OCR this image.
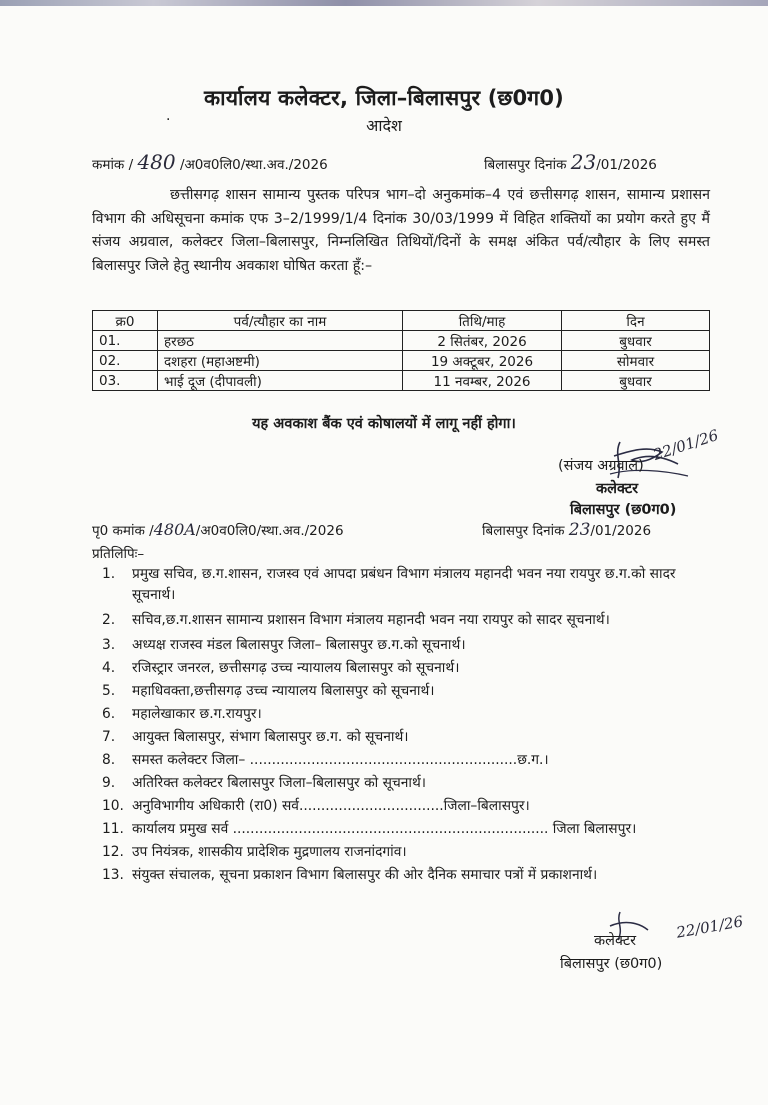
कार्यालय कलेक्टर, जिला–बिलासपुर (छ0ग0)
आदेश
·
कमांक / 480 /अ0व0लि0/स्था.अव./2026	बिलासपुर दिनांक 23/01/2026

छत्तीसगढ़ शासन सामान्य पुस्तक परिपत्र भाग–दो अनुकमांक–4 एवं छत्तीसगढ़ शासन, सामान्य प्रशासन विभाग की अधिसूचना कमांक एफ 3–2/1999/1/4 दिनांक 30/03/1999 में विहित शक्तियों का प्रयोग करते हुए मैं संजय अग्रवाल, कलेक्टर जिला–बिलासपुर, निम्नलिखित तिथियों/दिनों के समक्ष अंकित पर्व/त्यौहार के लिए समस्त बिलासपुर जिले हेतु स्थानीय अवकाश घोषित करता हूँ:–

क्र0	पर्व/त्यौहार का नाम	तिथि/माह	दिन
01.	हरछठ	2 सितंबर, 2026	बुधवार
02.	दशहरा (महाअष्टमी)	19 अक्टूबर, 2026	सोमवार
03.	भाई दूज (दीपावली)	11 नवम्बर, 2026	बुधवार
यह अवकाश बैंक एवं कोषालयों में लागू नहीं होगा।
(संजय अग्रवाल)
22/01/26
कलेक्टर
बिलासपुर (छ0ग0)
पृ0 कमांक /480A/अ0व0लि0/स्था.अव./2026	बिलासपुर दिनांक 23/01/2026
प्रतिलिपिः–
1.	प्रमुख सचिव, छ.ग.शासन, राजस्व एवं आपदा प्रबंधन विभाग मंत्रालय महानदी भवन नया रायपुर छ.ग.को सादर सूचनार्थ।
2.	सचिव,छ.ग.शासन सामान्य प्रशासन विभाग मंत्रालय महानदी भवन नया रायपुर को सादर सूचनार्थ।
3.	अध्यक्ष राजस्व मंडल बिलासपुर जिला– बिलासपुर छ.ग.को सूचनार्थ।
4.	रजिस्ट्रार जनरल, छत्तीसगढ़ उच्च न्यायालय बिलासपुर को सूचनार्थ।
5.	महाधिवक्ता,छत्तीसगढ़ उच्च न्यायालय बिलासपुर को सूचनार्थ।
6.	महालेखाकार छ.ग.रायपुर।
7.	आयुक्त बिलासपुर, संभाग बिलासपुर छ.ग. को सूचनार्थ।
8.	समस्त कलेक्टर जिला– .............................................................छ.ग.।
9.	अतिरिक्त कलेक्टर बिलासपुर जिला–बिलासपुर को सूचनार्थ।
10. अनुविभागीय अधिकारी (रा0) सर्व.................................जिला–बिलासपुर।
11. कार्यालय प्रमुख सर्व ........................................................................ जिला बिलासपुर।
12. उप नियंत्रक, शासकीय प्रादेशिक मुद्रणालय राजनांदगांव।
13. संयुक्त संचालक, सूचना प्रकाशन विभाग बिलासपुर की ओर दैनिक समाचार पत्रों में प्रकाशनार्थ।
कलेक्टर	22/01/26
बिलासपुर (छ0ग0)
